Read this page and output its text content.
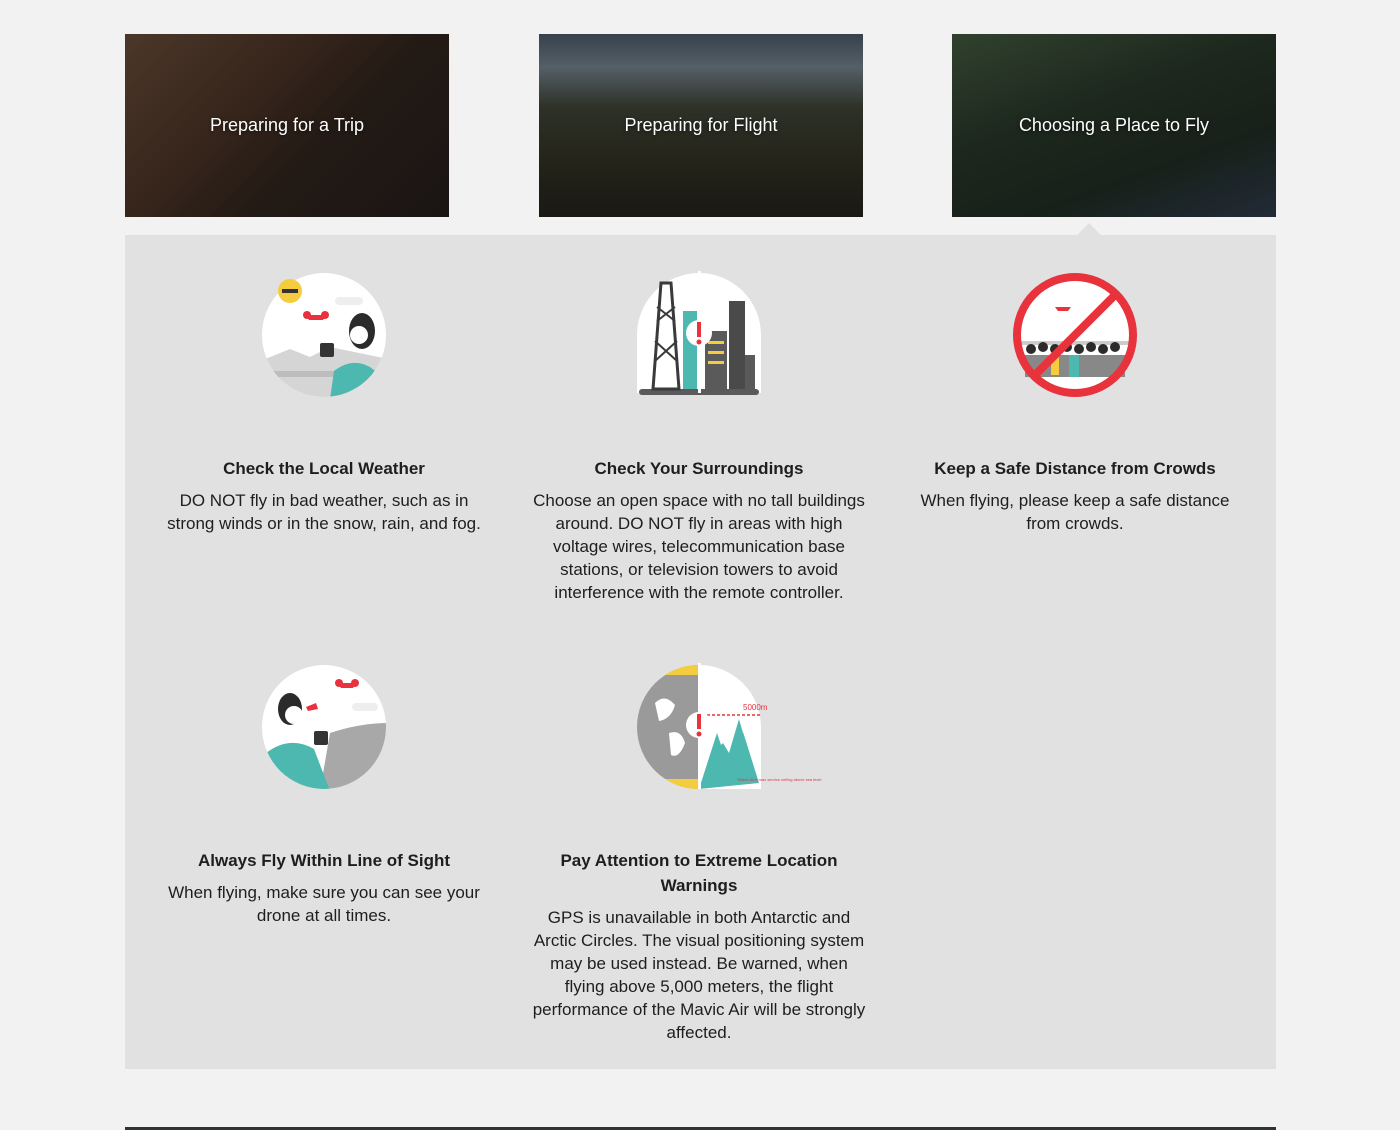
Preparing for a Trip	Preparing for Flight	Choosing a Place to Fly
Check the Local Weather

DO NOT fly in bad weather, such as in strong winds or in the snow, rain, and fog.

Check Your Surroundings

Choose an open space with no tall buildings around. DO NOT fly in areas with high voltage wires, telecommunication base stations, or television towers to avoid interference with the remote controller.

Keep a Safe Distance from Crowds

When flying, please keep a safe distance from crowds.

Always Fly Within Line of Sight

When flying, make sure you can see your drone at all times.

5000m
*Mavic Air's max service ceiling above sea level
Pay Attention to Extreme Location Warnings

GPS is unavailable in both Antarctic and Arctic Circles. The visual positioning system may be used instead. Be warned, when flying above 5,000 meters, the flight performance of the Mavic Air will be strongly affected.
